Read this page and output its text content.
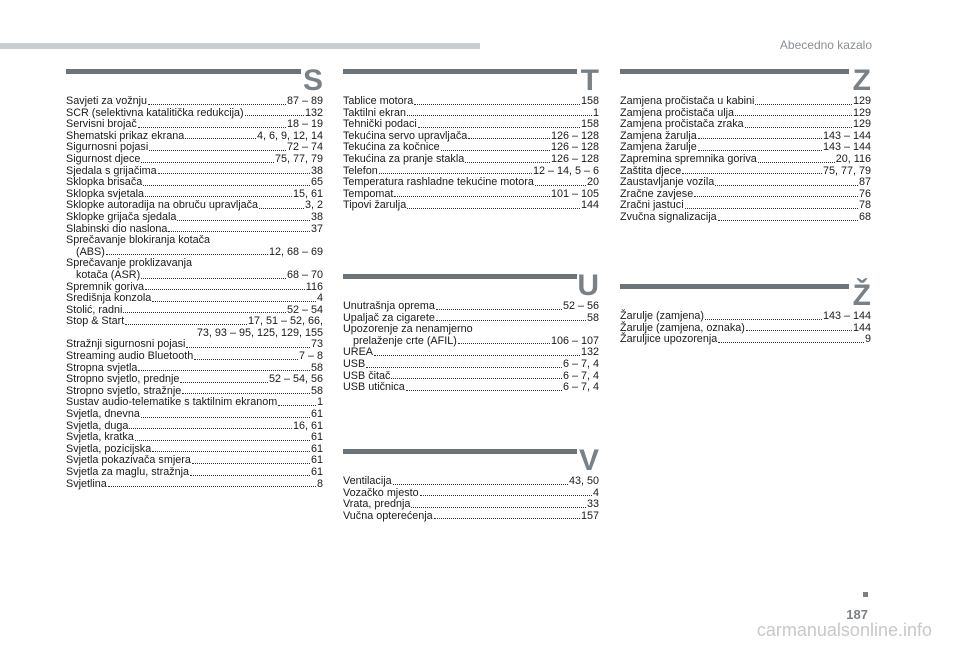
Abecedno kazalo
S
Savjeti za vožnju	87 – 89
SCR (selektivna katalitička redukcija)	132
Servisni brojač	18 – 19
Shematski prikaz ekrana	4, 6, 9, 12, 14
Sigurnosni pojasi	72 – 74
Sigurnost djece	75, 77, 79
Sjedala s grijačima	38
Sklopka brisača	65
Sklopka svjetala	15, 61
Sklopke autoradija na obruču upravljača	3, 2
Sklopke grijača sjedala	38
Slabinski dio naslona	37
Sprečavanje blokiranja kotača
(ABS)	12, 68 – 69
Sprečavanje proklizavanja
kotača (ASR)	68 – 70
Spremnik goriva	116
Središnja konzola	4
Stolić, radni	52 – 54
Stop & Start	17, 51 – 52, 66,
73, 93 – 95, 125, 129, 155
Stražnji sigurnosni pojasi	73
Streaming audio Bluetooth	7 – 8
Stropna svjetla	58
Stropno svjetlo, prednje	52 – 54, 56
Stropno svjetlo, stražnje	58
Sustav audio-telematike s taktilnim ekranom	1
Svjetla, dnevna	61
Svjetla, duga	16, 61
Svjetla, kratka	61
Svjetla, pozicijska	61
Svjetla pokazivača smjera	61
Svjetla za maglu, stražnja	61
Svjetlina	8
T
Tablice motora	158
Taktilni ekran	1
Tehnički podaci	158
Tekućina servo upravljača	126 – 128
Tekućina za kočnice	126 – 128
Tekućina za pranje stakla	126 – 128
Telefon	12 – 14, 5 – 6
Temperatura rashladne tekućine motora	20
Tempomat	101 – 105
Tipovi žarulja	144
U
Unutrašnja oprema	52 – 56
Upaljač za cigarete	58
Upozorenje za nenamjerno
prelaženje crte (AFIL)	106 – 107
UREA	132
USB	6 – 7, 4
USB čitač	6 – 7, 4
USB utičnica	6 – 7, 4
V
Ventilacija	43, 50
Vozačko mjesto	4
Vrata, prednja	33
Vučna opterećenja	157
Z
Zamjena pročistača u kabini	129
Zamjena pročistača ulja	129
Zamjena pročistača zraka	129
Zamjena žarulja	143 – 144
Zamjena žarulje	143 – 144
Zapremina spremnika goriva	20, 116
Zaštita djece	75, 77, 79
Zaustavljanje vozila	87
Zračne zavjese	76
Zračni jastuci	78
Zvučna signalizacija	68
Ž
Žarulje (zamjena)	143 – 144
Žarulje (zamjena, oznaka)	144
Žaruljice upozorenja	9
187
carmanualsonline.info
